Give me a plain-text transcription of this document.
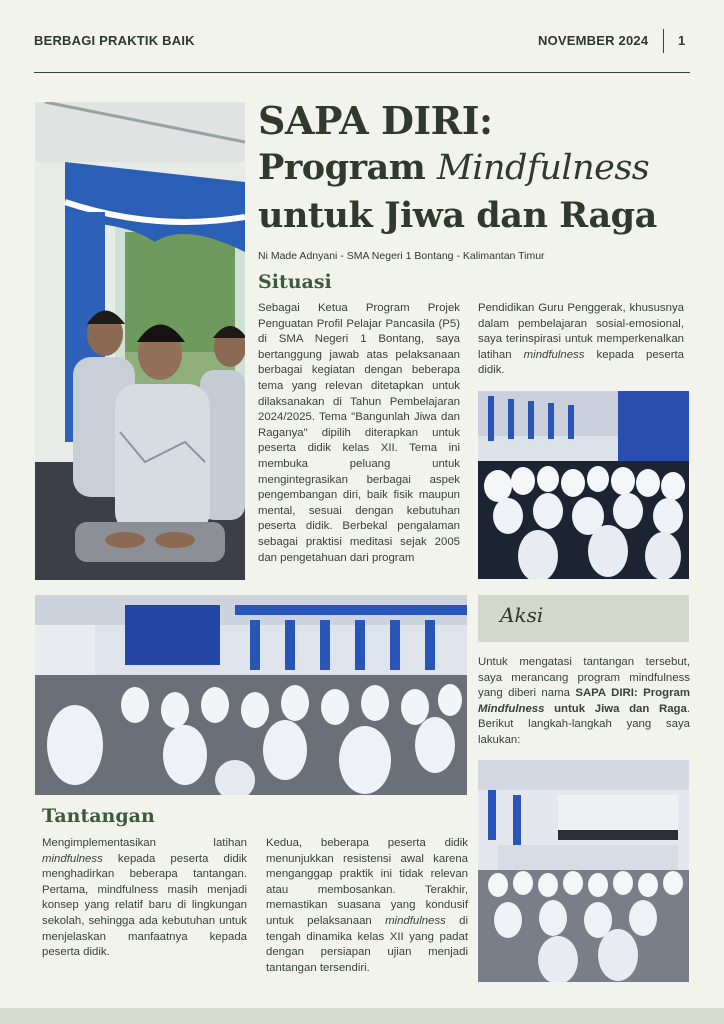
BERBAGI PRAKTIK BAIK	NOVEMBER 2024 1
SAPA DIRI:
Program Mindfulness
untuk Jiwa dan Raga
Ni Made Adnyani - SMA Negeri 1 Bontang - Kalimantan Timur
Situasi
Sebagai Ketua Program Projek Penguatan Profil Pelajar Pancasila (P5) di SMA Negeri 1 Bontang, saya bertanggung jawab atas pelaksanaan berbagai kegiatan dengan beberapa tema yang relevan ditetapkan untuk dilaksanakan di Tahun Pembelajaran 2024/2025. Tema "Bangunlah Jiwa dan Raganya" dipilih diterapkan untuk peserta didik kelas XII. Tema ini membuka peluang untuk mengintegrasikan berbagai aspek pengembangan diri, baik fisik maupun mental, sesuai dengan kebutuhan peserta didik. Berbekal pengalaman sebagai praktisi meditasi sejak 2005 dan pengetahuan dari program
Pendidikan Guru Penggerak, khususnya dalam pembelajaran sosial-emosional, saya terinspirasi untuk memperkenalkan latihan mindfulness kepada peserta didik.
Aksi
Untuk mengatasi tantangan tersebut, saya merancang program mindfulness yang diberi nama SAPA DIRI: Program Mindfulness untuk Jiwa dan Raga. Berikut langkah-langkah yang saya lakukan:
Tantangan
Mengimplementasikan latihan mindfulness kepada peserta didik menghadirkan beberapa tantangan. Pertama, mindfulness masih menjadi konsep yang relatif baru di lingkungan sekolah, sehingga ada kebutuhan untuk menjelaskan manfaatnya kepada peserta didik.
Kedua, beberapa peserta didik menunjukkan resistensi awal karena menganggap praktik ini tidak relevan atau membosankan. Terakhir, memastikan suasana yang kondusif untuk pelaksanaan mindfulness di tengah dinamika kelas XII yang padat dengan persiapan ujian menjadi tantangan tersendiri.
